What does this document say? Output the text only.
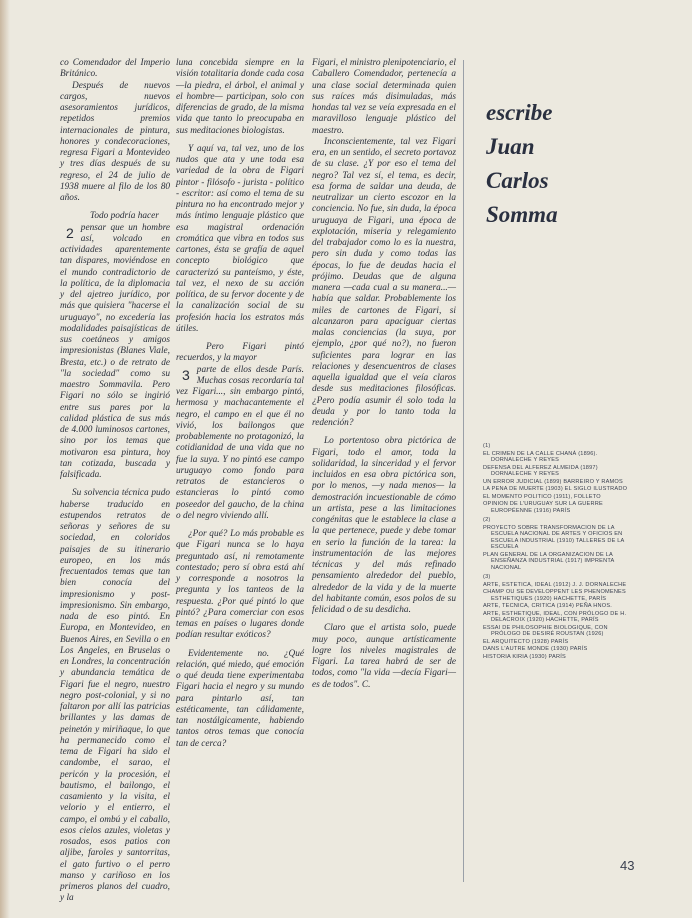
co Comendador del Imperio Británico.

Después de nuevos cargos, nuevos asesoramientos jurídicos, repetidos premios internacionales de pintura, honores y condecoraciones, regresa Figari a Montevideo y tres días después de su regreso, el 24 de julio de 1938 muere al filo de los 80 años.

Todo podría hacer

2 pensar que un hombre así, volcado en actividades aparentemente tan dispares, moviéndose en el mundo contradictorio de la política, de la diplomacia y del ajetreo jurídico, por más que quisiera "hacerse el uruguayo", no excedería las modalidades paisajísticas de sus coetáneos y amigos impresionistas (Blanes Viale, Bresta, etc.) o de retrato de "la sociedad" como su maestro Sommavila. Pero Figari no sólo se ingirió entre sus pares por la calidad plástica de sus más de 4.000 luminosos cartones, sino por los temas que motivaron esa pintura, hoy tan cotizada, buscada y falsificada.

Su solvencia técnica pudo haberse traducido en estupendos retratos de señoras y señores de su sociedad, en coloridos paisajes de su itinerario europeo, en los más frecuentados temas que tan bien conocía del impresionismo y post-impresionismo. Sin embargo, nada de eso pintó. En Europa, en Montevideo, en Buenos Aires, en Sevilla o en Los Angeles, en Bruselas o en Londres, la concentración y abundancia temática de Figari fue el negro, nuestro negro post-colonial, y si no faltaron por allí las patricias brillantes y las damas de peinetón y miriñaque, lo que ha permanecido como el tema de Figari ha sido el candombe, el sarao, el pericón y la procesión, el bautismo, el bailongo, el casamiento y la visita, el velorio y el entierro, el campo, el ombú y el caballo, esos cielos azules, violetas y rosados, esos patios con aljibe, faroles y santorritas, el gato furtivo o el perro manso y cariñoso en los primeros planos del cuadro, y la

luna concebida siempre en la visión totalitaria donde cada cosa —la piedra, el árbol, el animal y el hombre— participan, solo con diferencias de grado, de la misma vida que tanto lo preocupaba en sus meditaciones biologistas.

Y aquí va, tal vez, uno de los nudos que ata y une toda esa variedad de la obra de Figari pintor - filósofo - jurista - político - escritor: así como el tema de su pintura no ha encontrado mejor y más íntimo lenguaje plástico que esa magistral ordenación cromática que vibra en todos sus cartones, ésta se grafía de aquel concepto biológico que caracterizó su panteísmo, y éste, tal vez, el nexo de su acción política, de su fervor docente y de la canalización social de su profesión hacia los estratos más útiles.

Pero Figari pintó recuerdos, y la mayor

3 parte de ellos desde París. Muchas cosas recordaría tal vez Figari..., sin embargo pintó, hermosa y machacantemente el negro, el campo en el que él no vivió, los bailongos que probablemente no protagonizó, la cotidianidad de una vida que no fue la suya. Y no pintó ese campo uruguayo como fondo para retratos de estancieros o estancieras lo pintó como poseedor del gaucho, de la china o del negro viviendo allí.

¿Por qué? Lo más probable es que Figari nunca se lo haya preguntado así, ni remotamente contestado; pero sí obra está ahí y corresponde a nosotros la pregunta y los tanteos de la respuesta. ¿Por qué pintó lo que pintó? ¿Para comerciar con esos temas en países o lugares donde podían resultar exóticos?

Evidentemente no. ¿Qué relación, qué miedo, qué emoción o qué deuda tiene experimentaba Figari hacia el negro y su mundo para pintarlo así, tan estéticamente, tan cálidamente, tan nostálgicamente, habiendo tantos otros temas que conocía tan de cerca?

Figari, el ministro plenipotenciario, el Caballero Comendador, pertenecía a una clase social determinada quien sus raíces más disimuladas, más hondas tal vez se veía expresada en el maravilloso lenguaje plástico del maestro.

Inconscientemente, tal vez Figari era, en un sentido, el secreto portavoz de su clase. ¿Y por eso el tema del negro? Tal vez sí, el tema, es decir, esa forma de saldar una deuda, de neutralizar un cierto escozor en la conciencia. No fue, sin duda, la época uruguaya de Figari, una época de explotación, miseria y relegamiento del trabajador como lo es la nuestra, pero sin duda y como todas las épocas, lo fue de deudas hacia el prójimo. Deudas que de alguna manera —cada cual a su manera...— había que saldar. Probablemente los miles de cartones de Figari, si alcanzaron para apaciguar ciertas malas conciencias (la suya, por ejemplo, ¿por qué no?), no fueron suficientes para lograr en las relaciones y desencuentros de clases aquella igualdad que el veía claros desde sus meditaciones filosóficas. ¿Pero podía asumir él solo toda la deuda y por lo tanto toda la redención?

Lo portentoso obra pictórica de Figari, todo el amor, toda la solidaridad, la sinceridad y el fervor incluidos en esa obra pictórica son, por lo menos, —y nada menos— la demostración incuestionable de cómo un artista, pese a las limitaciones congénitas que le establece la clase a la que pertenece, puede y debe tomar en serio la función de la tarea: la instrumentación de las mejores técnicas y del más refinado pensamiento alrededor del pueblo, alrededor de la vida y de la muerte del habitante común, esos polos de su felicidad o de su desdicha.

Claro que el artista solo, puede muy poco, aunque artísticamente logre los niveles magistrales de Figari. La tarea habrá de ser de todos, como "la vida —decía Figari— es de todos". C.

escribe
Juan
Carlos
Somma
(1)
EL CRIMEN DE LA CALLE CHANÁ (1896). DORNALECHE Y REYES
DEFENSA DEL ALFEREZ ALMEIDA (1897) DORNALECHE Y REYES
UN ERROR JUDICIAL (1899) BARREIRO Y RAMOS
LA PENA DE MUERTE (1903) EL SIGLO ILUSTRADO
EL MOMENTO POLITICO (1911), FOLLETO
OPINION DE L'URUGUAY SUR LA GUERRE EUROPÉENNE (1916) PARÍS
(2)
PROYECTO SOBRE TRANSFORMACION DE LA ESCUELA NACIONAL DE ARTES Y OFICIOS EN ESCUELA INDUSTRIAL (1910) TALLERES DE LA ESCUELA
PLAN GENERAL DE LA ORGANIZACION DE LA ENSEÑANZA INDUSTRIAL (1917) IMPRENTA NACIONAL
(3)
ARTE, ESTETICA, IDEAL (1912) J. J. DORNALECHE
CHAMP OU SE DEVELOPPENT LES PHENOMENES ESTHETIQUES (1920) HACHETTE, PARÍS
ARTE, TECNICA, CRITICA (1914) PEÑA HNOS.
ARTE, ESTHETIQUE, IDEAL, CON PRÓLOGO DE H. DELACROIX (1920) HACHETTE, PARÍS
ESSAI DE PHILOSOPHIE BIOLOGIQUE, CON PRÓLOGO DE DESIRÉ ROUSTAN (1926)
EL ARQUITECTO (1928) PARÍS
DANS L'AUTRE MONDE (1930) PARÍS
HISTORIA KIRIA (1930) PARÍS
43
